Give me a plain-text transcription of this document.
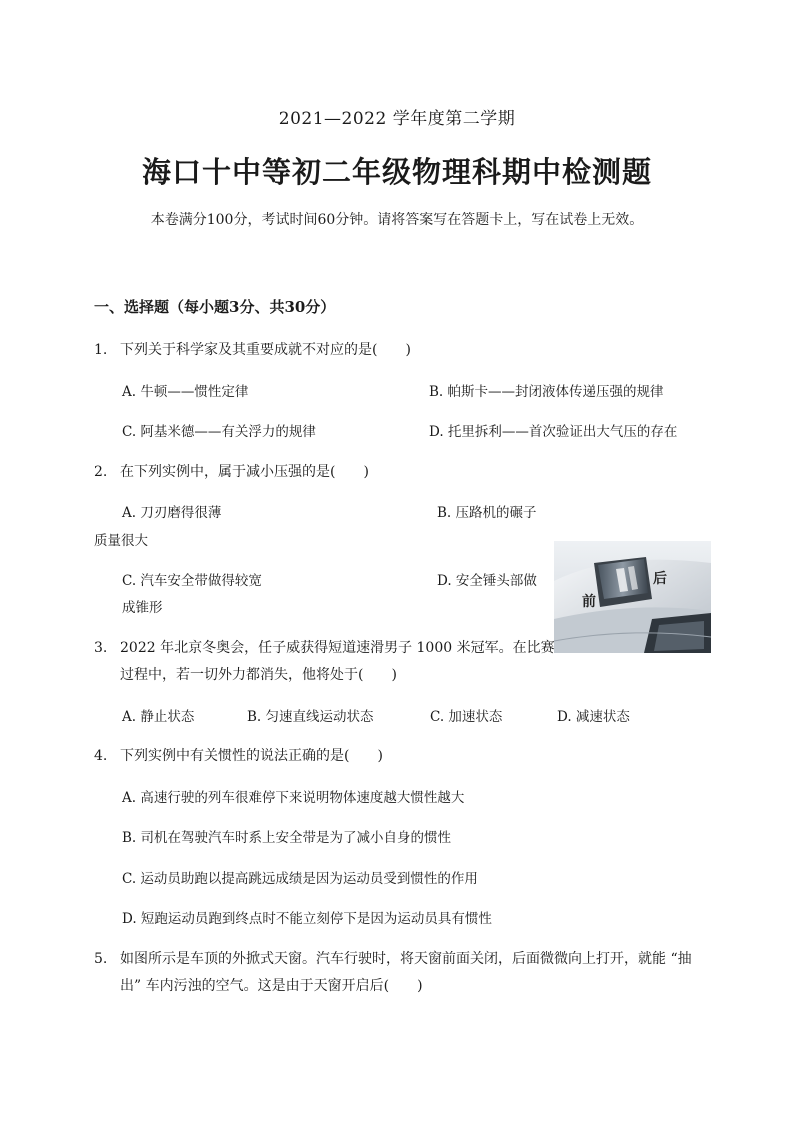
2021—2022 学年度第二学期
海口十中等初二年级物理科期中检测题
本卷满分100分，考试时间60分钟。请将答案写在答题卡上，写在试卷上无效。
一、选择题（每小题3分、共30分）
1. 下列关于科学家及其重要成就不对应的是(　　)
A. 牛顿——惯性定律	B. 帕斯卡——封闭液体传递压强的规律
C. 阿基米德——有关浮力的规律	D. 托里拆利——首次验证出大气压的存在
2. 在下列实例中，属于减小压强的是(　　)
A. 刀刃磨得很薄	B. 压路机的碾子
质量很大
C. 汽车安全带做得较宽	D. 安全锤头部做
成锥形	前
后
3. 2022 年北京冬奥会，任子威获得短道速滑男子 1000 米冠军。在比赛
过程中，若一切外力都消失，他将处于(　　)
A. 静止状态	B. 匀速直线运动状态	C. 加速状态	D. 减速状态
4. 下列实例中有关惯性的说法正确的是(　　)
A. 高速行驶的列车很难停下来说明物体速度越大惯性越大
B. 司机在驾驶汽车时系上安全带是为了减小自身的惯性
C. 运动员助跑以提高跳远成绩是因为运动员受到惯性的作用
D. 短跑运动员跑到终点时不能立刻停下是因为运动员具有惯性
5. 如图所示是车顶的外掀式天窗。汽车行驶时，将天窗前面关闭，后面微微向上打开，就能 “抽
出” 车内污浊的空气。这是由于天窗开启后(　　)
